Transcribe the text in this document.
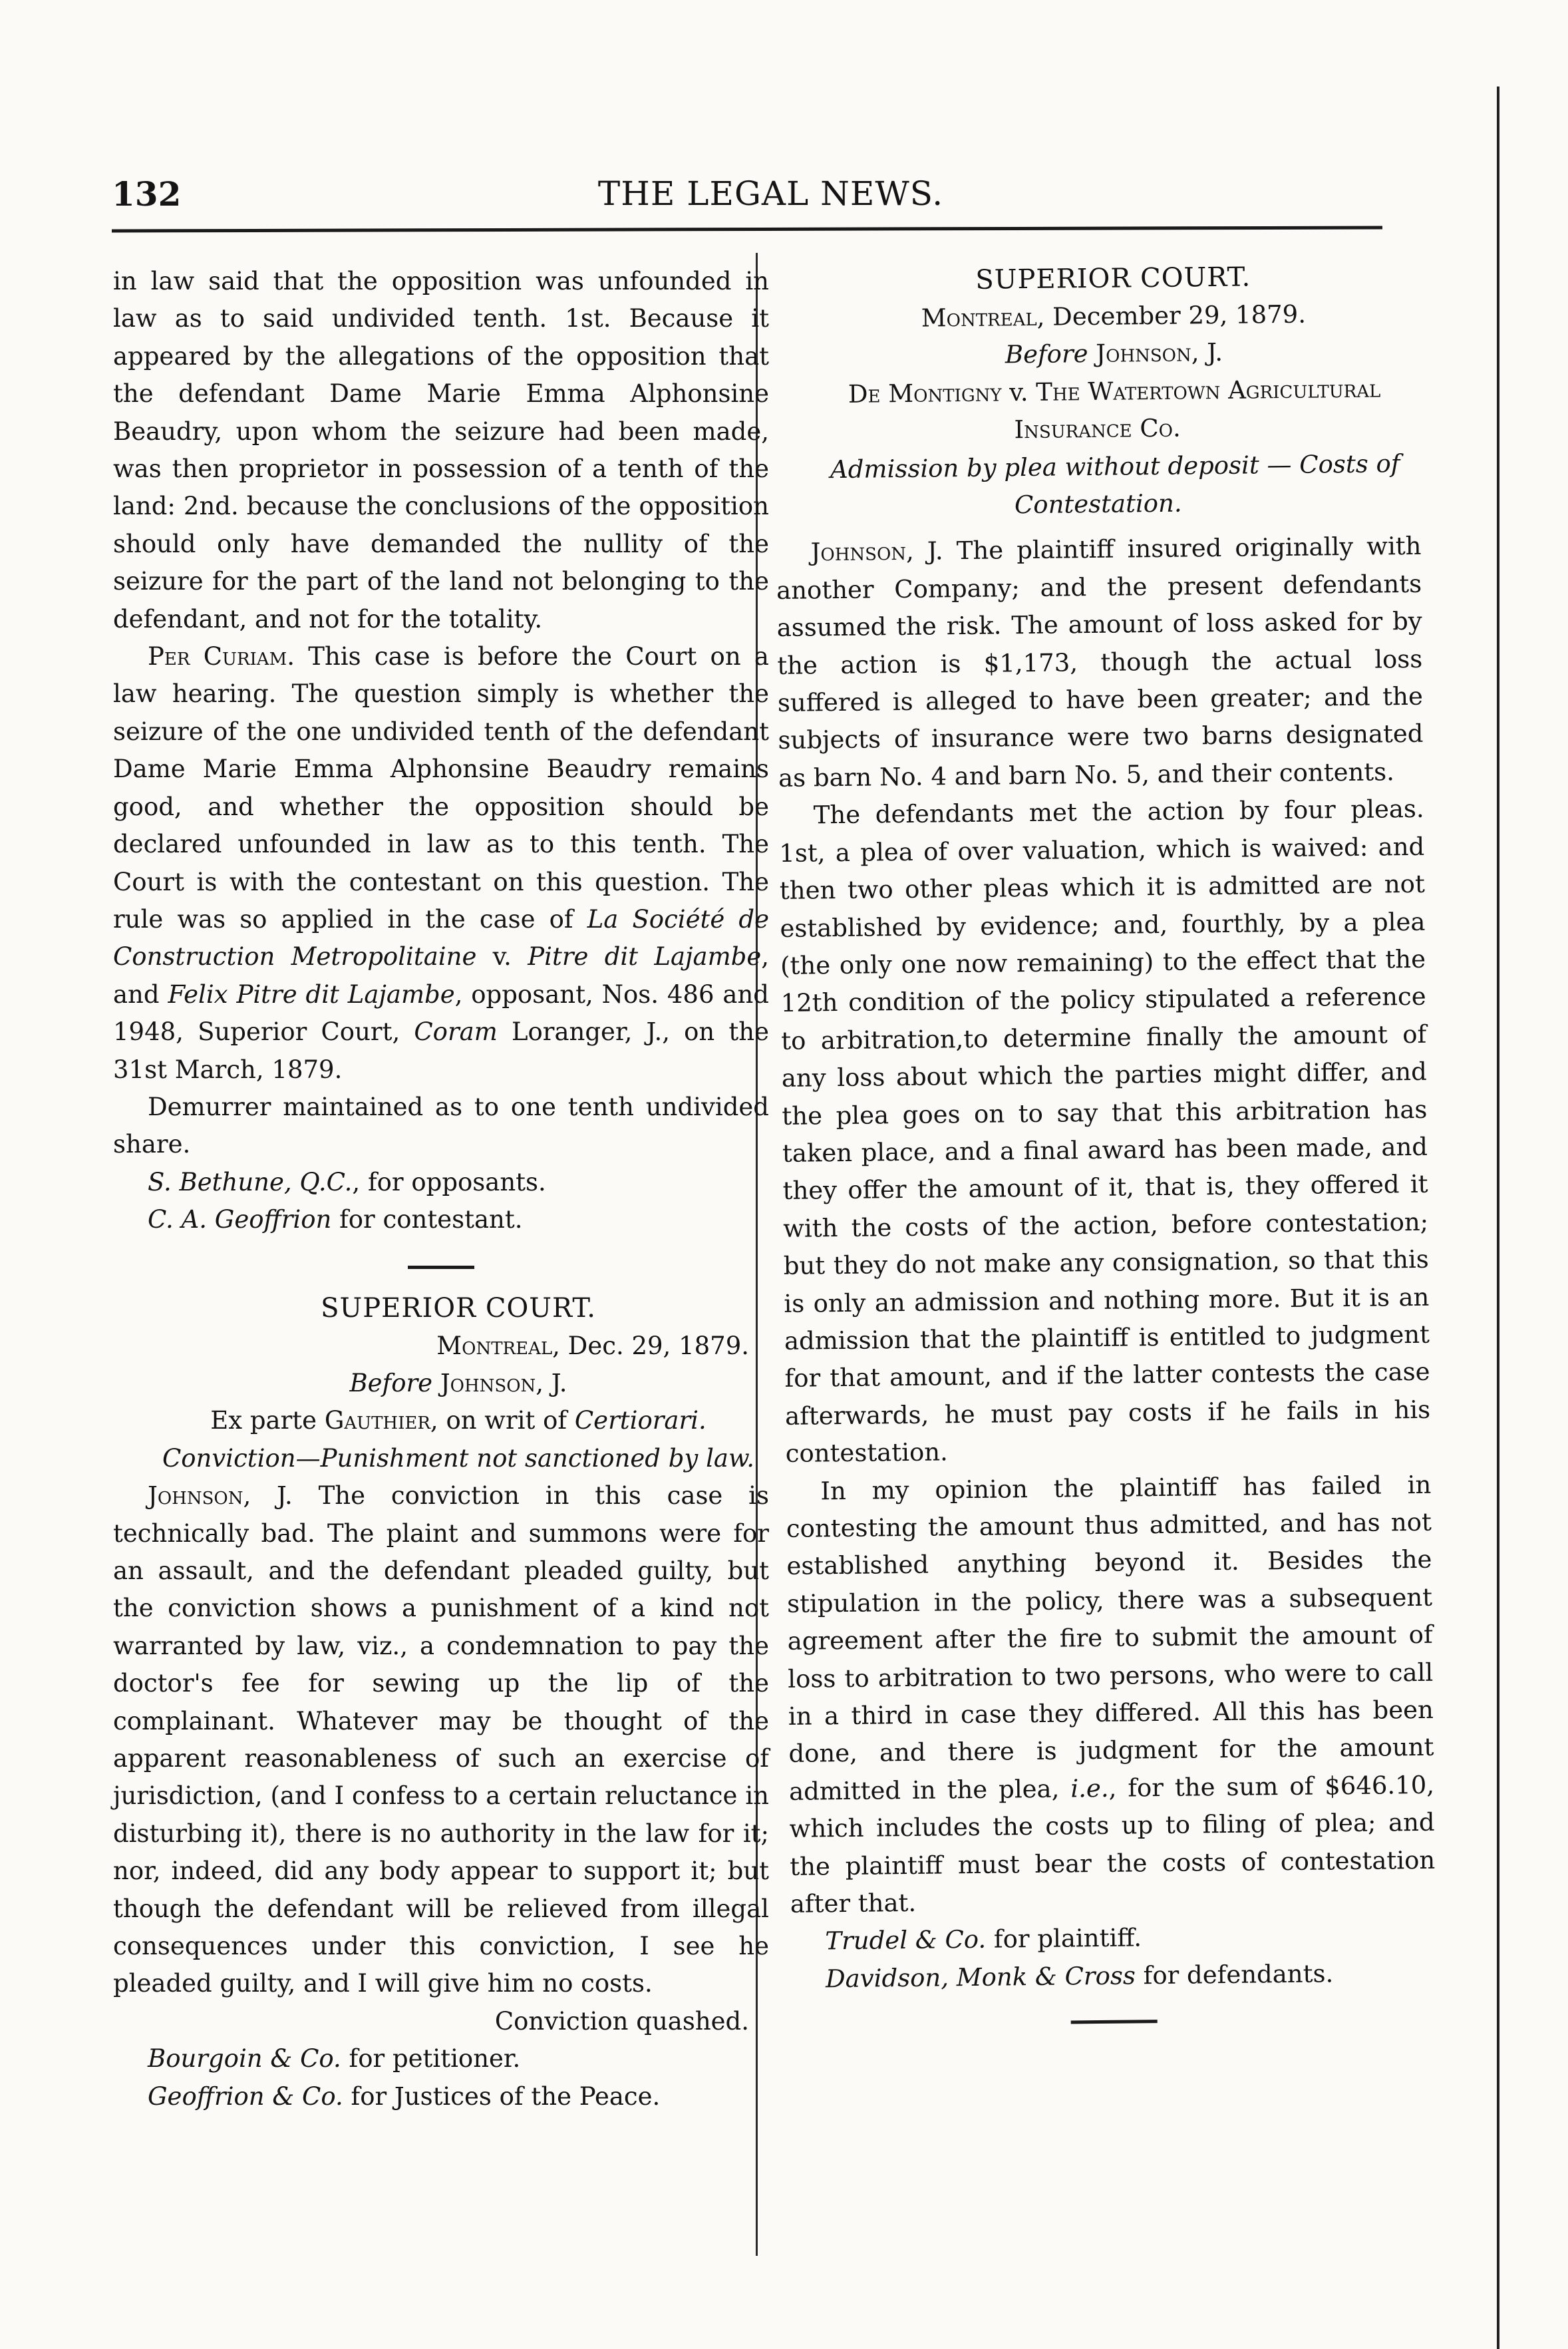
132	THE LEGAL NEWS.

in law said that the opposition was unfounded in law as to said undivided tenth. 1st. Because it appeared by the allegations of the opposition that the defendant Dame Marie Emma Alphonsine Beaudry, upon whom the seizure had been made, was then proprietor in possession of a tenth of the land: 2nd. because the conclusions of the opposition should only have demanded the nullity of the seizure for the part of the land not belonging to the defendant, and not for the totality.

Per Curiam. This case is before the Court on a law hearing. The question simply is whether the seizure of the one undivided tenth of the defendant Dame Marie Emma Alphonsine Beaudry remains good, and whether the opposition should be declared unfounded in law as to this tenth. The Court is with the contestant on this question. The rule was so applied in the case of La Société de Construction Metropolitaine v. Pitre dit Lajambe, and Felix Pitre dit Lajambe, opposant, Nos. 486 and 1948, Superior Court, Coram Loranger, J., on the 31st March, 1879.

Demurrer maintained as to one tenth undivided share.

S. Bethune, Q.C., for opposants.

C. A. Geoffrion for contestant.

SUPERIOR COURT.

Montreal, Dec. 29, 1879.

Before Johnson, J.

Ex parte Gauthier, on writ of Certiorari.

Conviction—Punishment not sanctioned by law.

Johnson, J. The conviction in this case is technically bad. The plaint and summons were for an assault, and the defendant pleaded guilty, but the conviction shows a punishment of a kind not warranted by law, viz., a condemnation to pay the doctor's fee for sewing up the lip of the complainant. Whatever may be thought of the apparent reasonableness of such an exercise of jurisdiction, (and I confess to a certain reluctance in disturbing it), there is no authority in the law for it; nor, indeed, did any body appear to support it; but though the defendant will be relieved from illegal consequences under this conviction, I see he pleaded guilty, and I will give him no costs.

Conviction quashed.

Bourgoin & Co. for petitioner.

Geoffrion & Co. for Justices of the Peace.

SUPERIOR COURT.

Montreal, December 29, 1879.

Before Johnson, J.

De Montigny v. The Watertown Agricultural Insurance Co.

Admission by plea without deposit — Costs of Contestation.

Johnson, J. The plaintiff insured originally with another Company; and the present defendants assumed the risk. The amount of loss asked for by the action is $1,173, though the actual loss suffered is alleged to have been greater; and the subjects of insurance were two barns designated as barn No. 4 and barn No. 5, and their contents.

The defendants met the action by four pleas. 1st, a plea of over valuation, which is waived: and then two other pleas which it is admitted are not established by evidence; and, fourthly, by a plea (the only one now remaining) to the effect that the 12th condition of the policy stipulated a reference to arbitration,to determine finally the amount of any loss about which the parties might differ, and the plea goes on to say that this arbitration has taken place, and a final award has been made, and they offer the amount of it, that is, they offered it with the costs of the action, before contestation; but they do not make any consignation, so that this is only an admission and nothing more. But it is an admission that the plaintiff is entitled to judgment for that amount, and if the latter contests the case afterwards, he must pay costs if he fails in his contestation.

In my opinion the plaintiff has failed in contesting the amount thus admitted, and has not established anything beyond it. Besides the stipulation in the policy, there was a subsequent agreement after the fire to submit the amount of loss to arbitration to two persons, who were to call in a third in case they differed. All this has been done, and there is judgment for the amount admitted in the plea, i.e., for the sum of $646.10, which includes the costs up to filing of plea; and the plaintiff must bear the costs of contestation after that.

Trudel & Co. for plaintiff.

Davidson, Monk & Cross for defendants.
